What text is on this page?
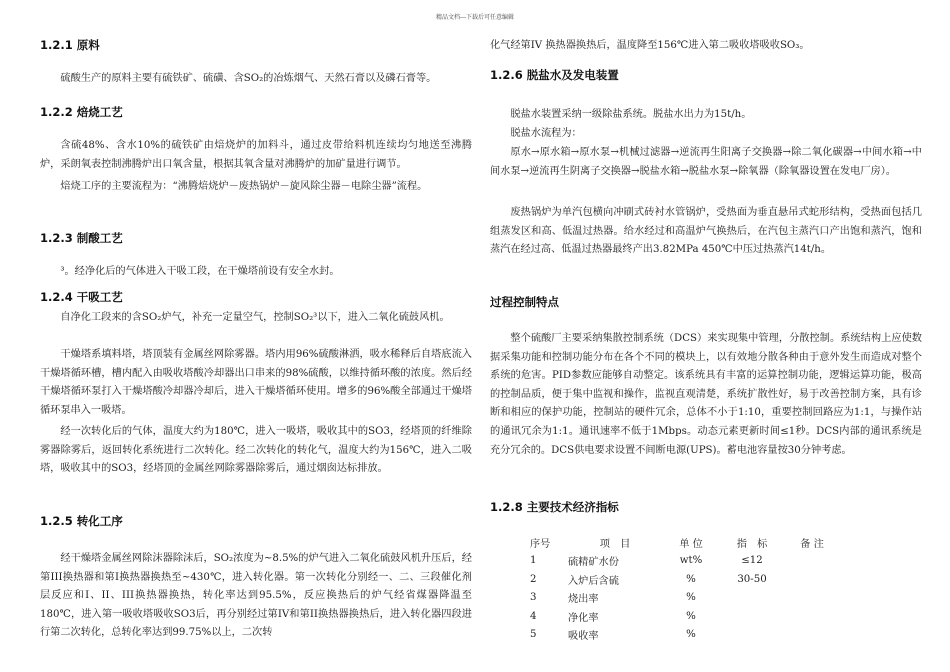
精品文档---下载后可任意编辑
1.2.1 原料

硫酸生产的原料主要有硫铁矿、硫磺、含SO₂的冶炼烟气、天然石膏以及磷石膏等。

1.2.2 焙烧工艺

含硫48%、含水10%的硫铁矿由焙烧炉的加料斗，通过皮带给料机连续均匀地送至沸腾炉，采朗氧表控制沸腾炉出口氧含量，根据其氧含量对沸腾炉的加矿量进行调节。

焙烧工序的主要流程为：“沸腾焙烧炉－废热锅炉－旋风除尘器－电除尘器”流程。

1.2.3 制酸工艺

³。经净化后的气体进入干吸工段，在干燥塔前设有安全水封。

1.2.4 干吸工艺

自净化工段来的含SO₂炉气，补充一定量空气，控制SO₂³以下，进入二氧化硫鼓风机。

干燥塔系填料塔，塔顶装有金属丝网除雾器。塔内用96%硫酸淋洒，吸水稀释后自塔底流入干燥塔循环槽，槽内配入由吸收塔酸冷却器出口串来的98%硫酸，以维持循环酸的浓度。然后经干燥塔循环泵打入干燥塔酸冷却器冷却后，进入干燥塔循环使用。增多的96%酸全部通过干燥塔循环泵串入一吸塔。

经一次转化后的气体，温度大约为180℃，进入一吸塔，吸收其中的SO3，经塔顶的纤维除雾器除雾后，返回转化系统进行二次转化。经二次转化的转化气，温度大约为156℃，进入二吸塔，吸收其中的SO3，经塔顶的金属丝网除雾器除雾后，通过烟囱达标排放。

1.2.5 转化工序

经干燥塔金属丝网除沫器除沫后，SO₂浓度为~8.5%的炉气进入二氧化硫鼓风机升压后，经第III换热器和第I换热器换热至~430℃，进入转化器。第一次转化分别经一、二、三段催化剂层反应和I、II、III换热器换热，转化率达到95.5%，反应换热后的炉气经省煤器降温至180℃，进入第一吸收塔吸收SO3后，再分别经过第IV和第II换热器换热后，进入转化器四段进行第二次转化，总转化率达到99.75%以上，二次转

化气经第IV 换热器换热后，温度降至156℃进入第二吸收塔吸收SO₃。

1.2.6 脱盐水及发电装置

脱盐水装置采纳一级除盐系统。脱盐水出力为15t/h。

脱盐水流程为：

原水→原水箱→原水泵→机械过滤器→逆流再生阳离子交换器→除二氧化碳器→中间水箱→中间水泵→逆流再生阴离子交换器→脱盐水箱→脱盐水泵→除氧器（除氧器设置在发电厂房）。

废热锅炉为单汽包横向冲刷式砖衬水管锅炉，受热面为垂直悬吊式蛇形结构，受热面包括几组蒸发区和高、低温过热器。给水经过和高温炉气换热后，在汽包主蒸汽口产出饱和蒸汽，饱和蒸汽在经过高、低温过热器最终产出3.82MPa 450℃中压过热蒸汽14t/h。

过程控制特点

整个硫酸厂主要采纳集散控制系统（DCS）来实现集中管理，分散控制。系统结构上应使数据采集功能和控制功能分布在各个不同的模块上，以有效地分散各种由于意外发生而造成对整个系统的危害。PID参数应能够自动整定。该系统具有丰富的运算控制功能，逻辑运算功能，极高的控制品质，便于集中监视和操作，监视直观清楚，系统扩散性好，易于改善控制方案，具有诊断和相应的保护功能，控制站的硬件冗余，总体不小于1:10，重要控制回路应为1:1，与操作站的通讯冗余为1:1。通讯速率不低于1Mbps。动态元素更新时间≤1秒。DCS内部的通讯系统是充分冗余的。DCS供电要求设置不间断电源(UPS)。蓄电池容量按30分钟考虑。

1.2.8 主要技术经济指标
序号	项　目	单 位	指　标	备 注
1	硫精矿水份	wt%	≤12	
2	入炉后含硫	%	30-50	
3	烧出率	%		
4	净化率	%		
5	吸收率	%		
